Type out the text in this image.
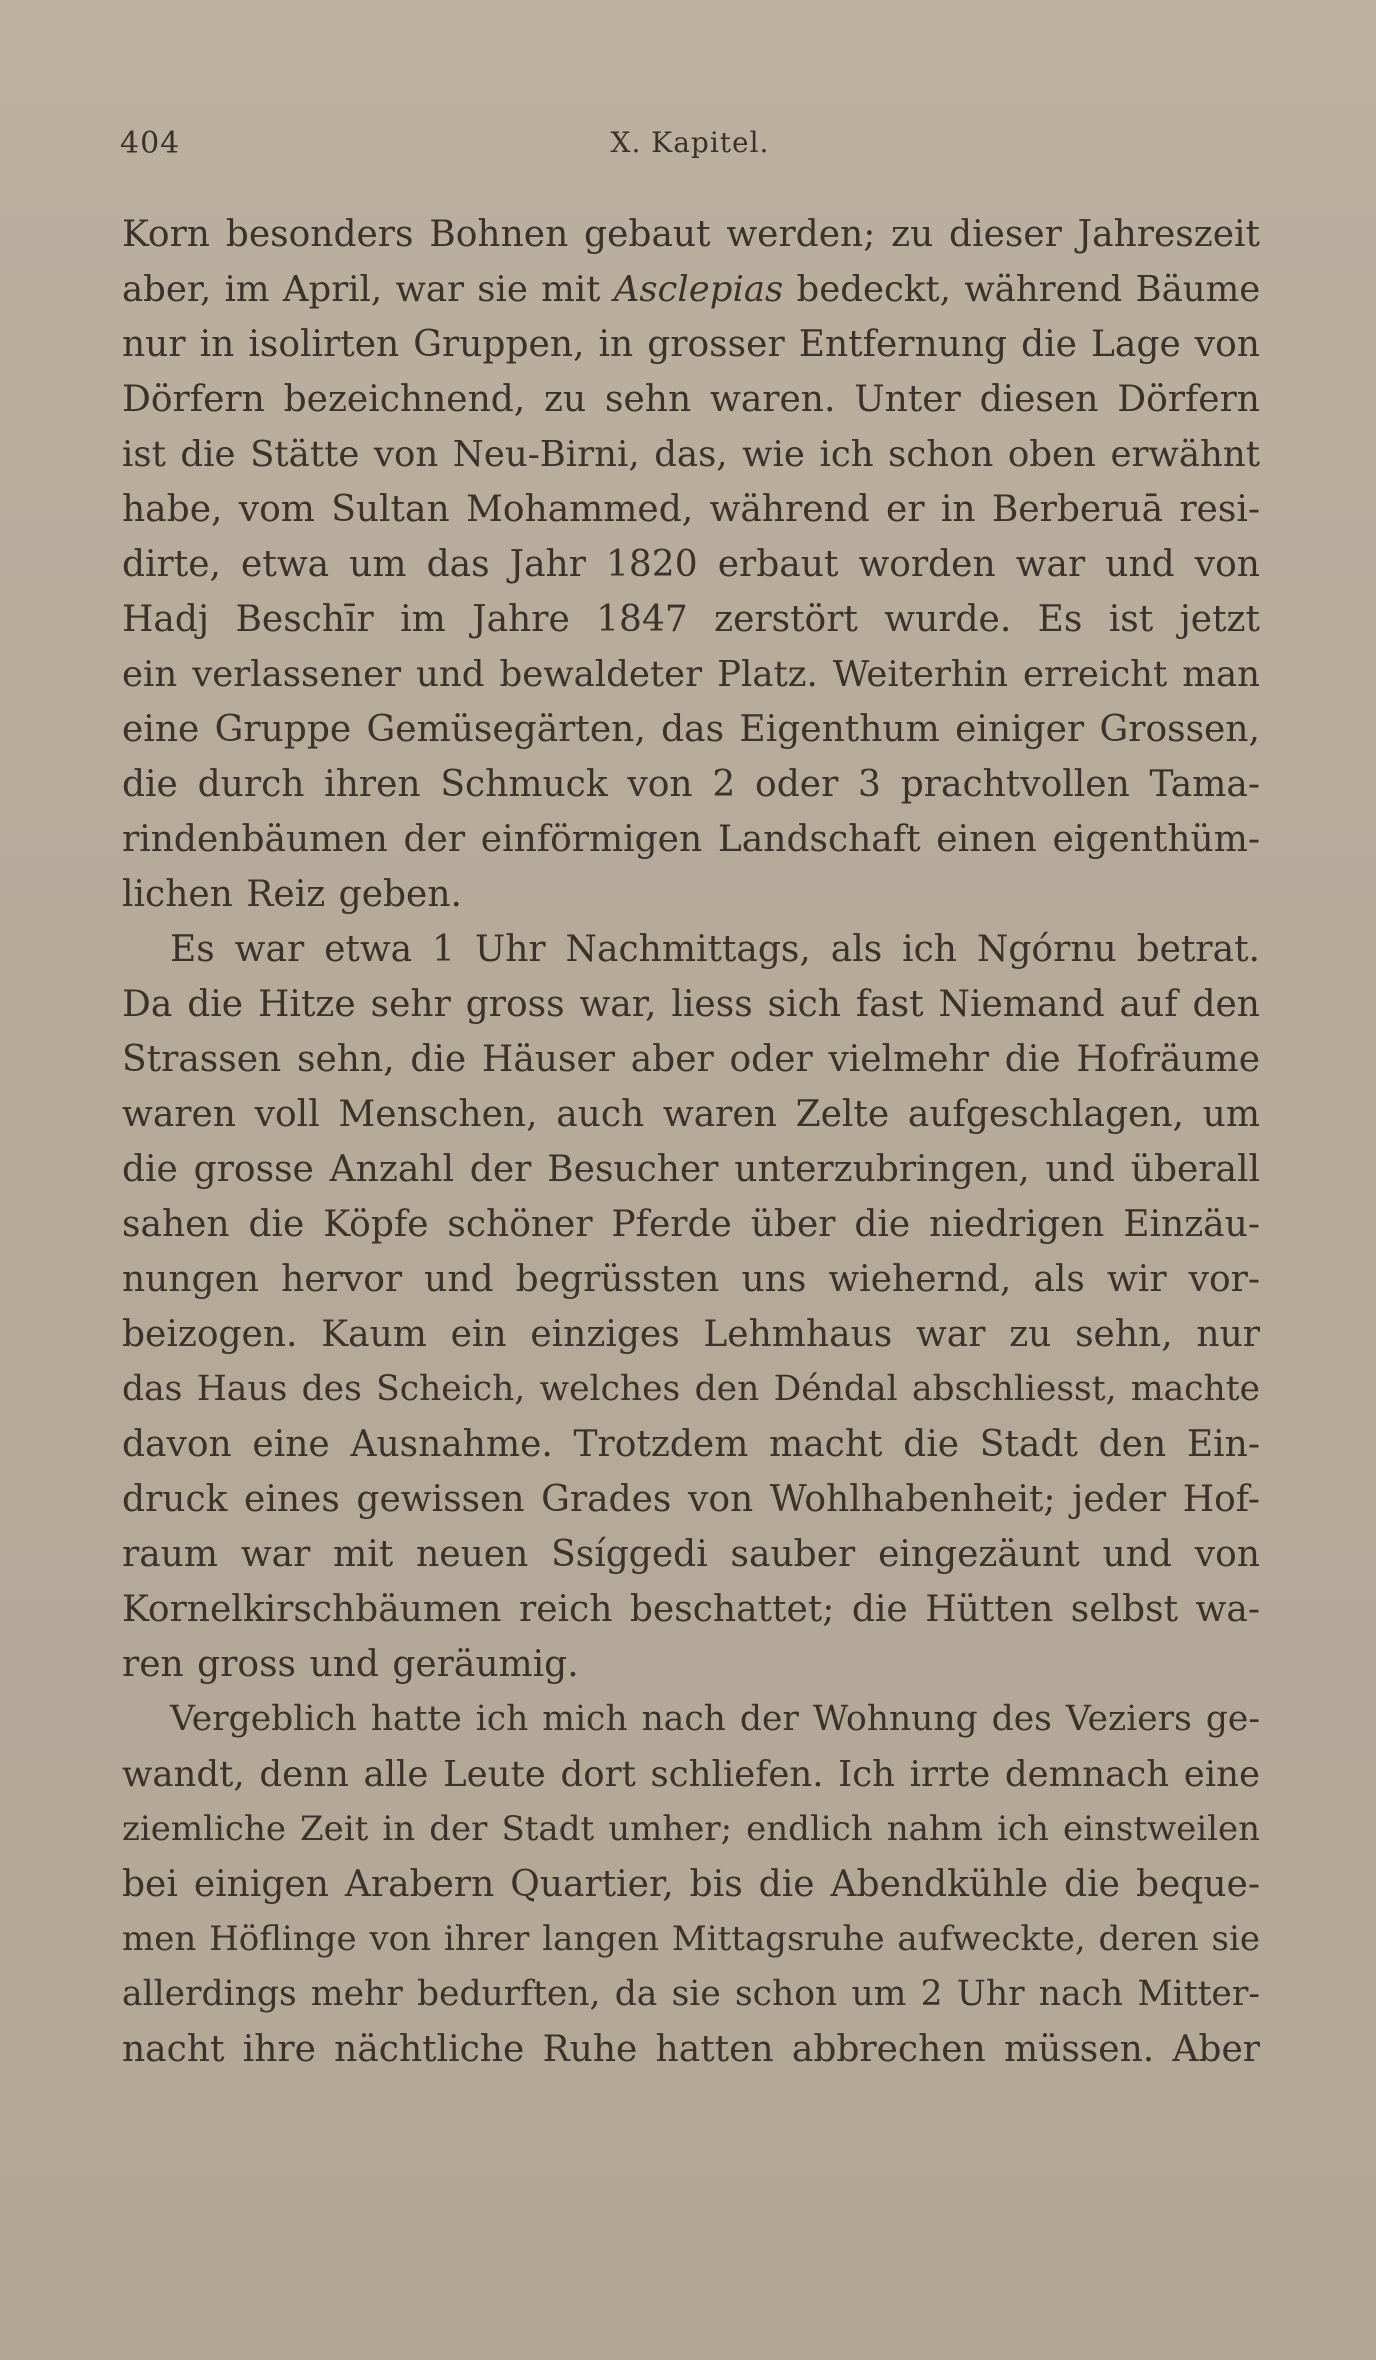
404	X. Kapitel.
Korn besonders Bohnen gebaut werden; zu dieser Jahreszeit
aber, im April, war sie mit Asclepias bedeckt, während Bäume
nur in isolirten Gruppen, in grosser Entfernung die Lage von
Dörfern bezeichnend, zu sehn waren. Unter diesen Dörfern
ist die Stätte von Neu-Birni, das, wie ich schon oben erwähnt
habe, vom Sultan Mohammed, während er in Berberuā resi-
dirte, etwa um das Jahr 1820 erbaut worden war und von
Hadj Beschīr im Jahre 1847 zerstört wurde. Es ist jetzt
ein verlassener und bewaldeter Platz. Weiterhin erreicht man
eine Gruppe Gemüsegärten, das Eigenthum einiger Grossen,
die durch ihren Schmuck von 2 oder 3 prachtvollen Tama-
rindenbäumen der einförmigen Landschaft einen eigenthüm-
lichen Reiz geben.
Es war etwa 1 Uhr Nachmittags, als ich Ngórnu betrat.
Da die Hitze sehr gross war, liess sich fast Niemand auf den
Strassen sehn, die Häuser aber oder vielmehr die Hofräume
waren voll Menschen, auch waren Zelte aufgeschlagen, um
die grosse Anzahl der Besucher unterzubringen, und überall
sahen die Köpfe schöner Pferde über die niedrigen Einzäu-
nungen hervor und begrüssten uns wiehernd, als wir vor-
beizogen. Kaum ein einziges Lehmhaus war zu sehn, nur
das Haus des Scheich, welches den Déndal abschliesst, machte
davon eine Ausnahme. Trotzdem macht die Stadt den Ein-
druck eines gewissen Grades von Wohlhabenheit; jeder Hof-
raum war mit neuen Ssíggedi sauber eingezäunt und von
Kornelkirschbäumen reich beschattet; die Hütten selbst wa-
ren gross und geräumig.
Vergeblich hatte ich mich nach der Wohnung des Veziers ge-
wandt, denn alle Leute dort schliefen. Ich irrte demnach eine
ziemliche Zeit in der Stadt umher; endlich nahm ich einstweilen
bei einigen Arabern Quartier, bis die Abendkühle die beque-
men Höflinge von ihrer langen Mittagsruhe aufweckte, deren sie
allerdings mehr bedurften, da sie schon um 2 Uhr nach Mitter-
nacht ihre nächtliche Ruhe hatten abbrechen müssen. Aber
